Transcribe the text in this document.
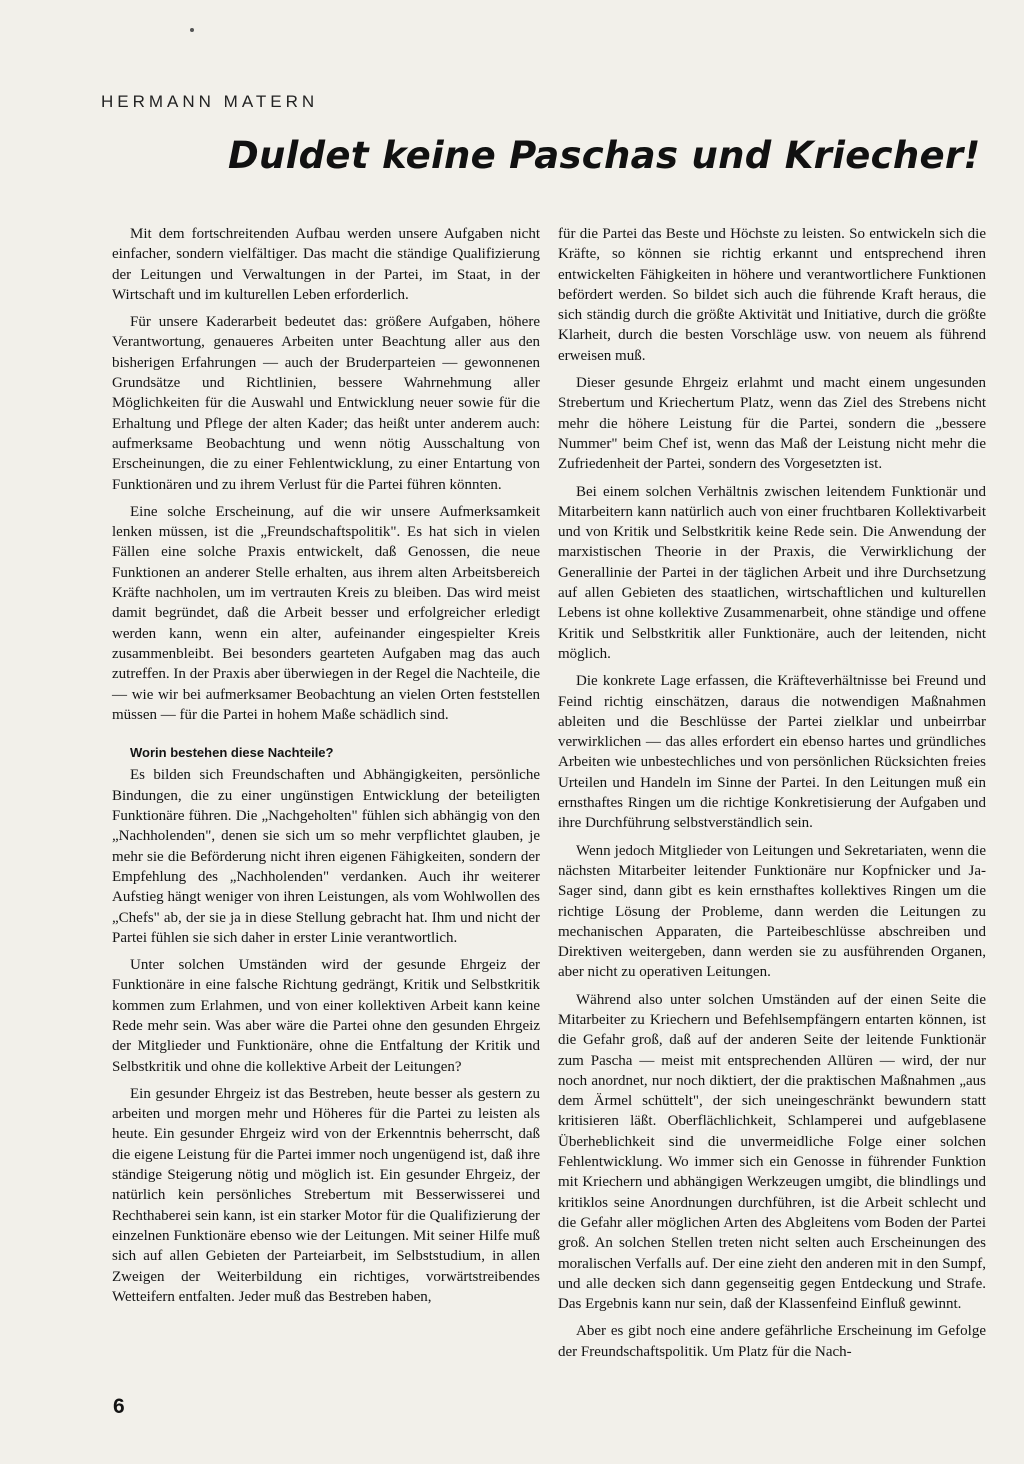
HERMANN MATERN
Duldet keine Paschas und Kriecher!

Mit dem fortschreitenden Aufbau werden unsere Aufgaben nicht einfacher, sondern vielfältiger. Das macht die ständige Qualifizierung der Leitungen und Verwaltungen in der Partei, im Staat, in der Wirtschaft und im kulturellen Leben erforderlich.

Für unsere Kaderarbeit bedeutet das: größere Aufgaben, höhere Verantwortung, genaueres Arbeiten unter Beachtung aller aus den bisherigen Erfahrungen — auch der Bruderparteien — gewonnenen Grundsätze und Richtlinien, bessere Wahrnehmung aller Möglichkeiten für die Auswahl und Entwicklung neuer sowie für die Erhaltung und Pflege der alten Kader; das heißt unter anderem auch: aufmerksame Beobachtung und wenn nötig Ausschaltung von Erscheinungen, die zu einer Fehlentwicklung, zu einer Entartung von Funktionären und zu ihrem Verlust für die Partei führen könnten.

Eine solche Erscheinung, auf die wir unsere Aufmerksamkeit lenken müssen, ist die „Freundschaftspolitik". Es hat sich in vielen Fällen eine solche Praxis entwickelt, daß Genossen, die neue Funktionen an anderer Stelle erhalten, aus ihrem alten Arbeitsbereich Kräfte nachholen, um im vertrauten Kreis zu bleiben. Das wird meist damit begründet, daß die Arbeit besser und erfolgreicher erledigt werden kann, wenn ein alter, aufeinander eingespielter Kreis zusammenbleibt. Bei besonders gearteten Aufgaben mag das auch zutreffen. In der Praxis aber überwiegen in der Regel die Nachteile, die — wie wir bei aufmerksamer Beobachtung an vielen Orten feststellen müssen — für die Partei in hohem Maße schädlich sind.

Worin bestehen diese Nachteile?

Es bilden sich Freundschaften und Abhängigkeiten, persönliche Bindungen, die zu einer ungünstigen Entwicklung der beteiligten Funktionäre führen. Die „Nachgeholten" fühlen sich abhängig von den „Nachholenden", denen sie sich um so mehr verpflichtet glauben, je mehr sie die Beförderung nicht ihren eigenen Fähigkeiten, sondern der Empfehlung des „Nachholenden" verdanken. Auch ihr weiterer Aufstieg hängt weniger von ihren Leistungen, als vom Wohlwollen des „Chefs" ab, der sie ja in diese Stellung gebracht hat. Ihm und nicht der Partei fühlen sie sich daher in erster Linie verantwortlich.

Unter solchen Umständen wird der gesunde Ehrgeiz der Funktionäre in eine falsche Richtung gedrängt, Kritik und Selbstkritik kommen zum Erlahmen, und von einer kollektiven Arbeit kann keine Rede mehr sein. Was aber wäre die Partei ohne den gesunden Ehrgeiz der Mitglieder und Funktionäre, ohne die Entfaltung der Kritik und Selbstkritik und ohne die kollektive Arbeit der Leitungen?

Ein gesunder Ehrgeiz ist das Bestreben, heute besser als gestern zu arbeiten und morgen mehr und Höheres für die Partei zu leisten als heute. Ein gesunder Ehrgeiz wird von der Erkenntnis beherrscht, daß die eigene Leistung für die Partei immer noch ungenügend ist, daß ihre ständige Steigerung nötig und möglich ist. Ein gesunder Ehrgeiz, der natürlich kein persönliches Strebertum mit Besserwisserei und Rechthaberei sein kann, ist ein starker Motor für die Qualifizierung der einzelnen Funktionäre ebenso wie der Leitungen. Mit seiner Hilfe muß sich auf allen Gebieten der Parteiarbeit, im Selbststudium, in allen Zweigen der Weiterbildung ein richtiges, vorwärtstreibendes Wetteifern entfalten. Jeder muß das Bestreben haben,

für die Partei das Beste und Höchste zu leisten. So entwickeln sich die Kräfte, so können sie richtig erkannt und entsprechend ihren entwickelten Fähigkeiten in höhere und verantwortlichere Funktionen befördert werden. So bildet sich auch die führende Kraft heraus, die sich ständig durch die größte Aktivität und Initiative, durch die größte Klarheit, durch die besten Vorschläge usw. von neuem als führend erweisen muß.

Dieser gesunde Ehrgeiz erlahmt und macht einem ungesunden Strebertum und Kriechertum Platz, wenn das Ziel des Strebens nicht mehr die höhere Leistung für die Partei, sondern die „bessere Nummer" beim Chef ist, wenn das Maß der Leistung nicht mehr die Zufriedenheit der Partei, sondern des Vorgesetzten ist.

Bei einem solchen Verhältnis zwischen leitendem Funktionär und Mitarbeitern kann natürlich auch von einer fruchtbaren Kollektivarbeit und von Kritik und Selbstkritik keine Rede sein. Die Anwendung der marxistischen Theorie in der Praxis, die Verwirklichung der Generallinie der Partei in der täglichen Arbeit und ihre Durchsetzung auf allen Gebieten des staatlichen, wirtschaftlichen und kulturellen Lebens ist ohne kollektive Zusammenarbeit, ohne ständige und offene Kritik und Selbstkritik aller Funktionäre, auch der leitenden, nicht möglich.

Die konkrete Lage erfassen, die Kräfteverhältnisse bei Freund und Feind richtig einschätzen, daraus die notwendigen Maßnahmen ableiten und die Beschlüsse der Partei zielklar und unbeirrbar verwirklichen — das alles erfordert ein ebenso hartes und gründliches Arbeiten wie unbestechliches und von persönlichen Rücksichten freies Urteilen und Handeln im Sinne der Partei. In den Leitungen muß ein ernsthaftes Ringen um die richtige Konkretisierung der Aufgaben und ihre Durchführung selbstverständlich sein.

Wenn jedoch Mitglieder von Leitungen und Sekretariaten, wenn die nächsten Mitarbeiter leitender Funktionäre nur Kopfnicker und Ja-Sager sind, dann gibt es kein ernsthaftes kollektives Ringen um die richtige Lösung der Probleme, dann werden die Leitungen zu mechanischen Apparaten, die Parteibeschlüsse abschreiben und Direktiven weitergeben, dann werden sie zu ausführenden Organen, aber nicht zu operativen Leitungen.

Während also unter solchen Umständen auf der einen Seite die Mitarbeiter zu Kriechern und Befehlsempfängern entarten können, ist die Gefahr groß, daß auf der anderen Seite der leitende Funktionär zum Pascha — meist mit entsprechenden Allüren — wird, der nur noch anordnet, nur noch diktiert, der die praktischen Maßnahmen „aus dem Ärmel schüttelt", der sich uneingeschränkt bewundern statt kritisieren läßt. Oberflächlichkeit, Schlamperei und aufgeblasene Überheblichkeit sind die unvermeidliche Folge einer solchen Fehlentwicklung. Wo immer sich ein Genosse in führender Funktion mit Kriechern und abhängigen Werkzeugen umgibt, die blindlings und kritiklos seine Anordnungen durchführen, ist die Arbeit schlecht und die Gefahr aller möglichen Arten des Abgleitens vom Boden der Partei groß. An solchen Stellen treten nicht selten auch Erscheinungen des moralischen Verfalls auf. Der eine zieht den anderen mit in den Sumpf, und alle decken sich dann gegenseitig gegen Entdeckung und Strafe. Das Ergebnis kann nur sein, daß der Klassenfeind Einfluß gewinnt.

Aber es gibt noch eine andere gefährliche Erscheinung im Gefolge der Freundschaftspolitik. Um Platz für die Nach-

6
